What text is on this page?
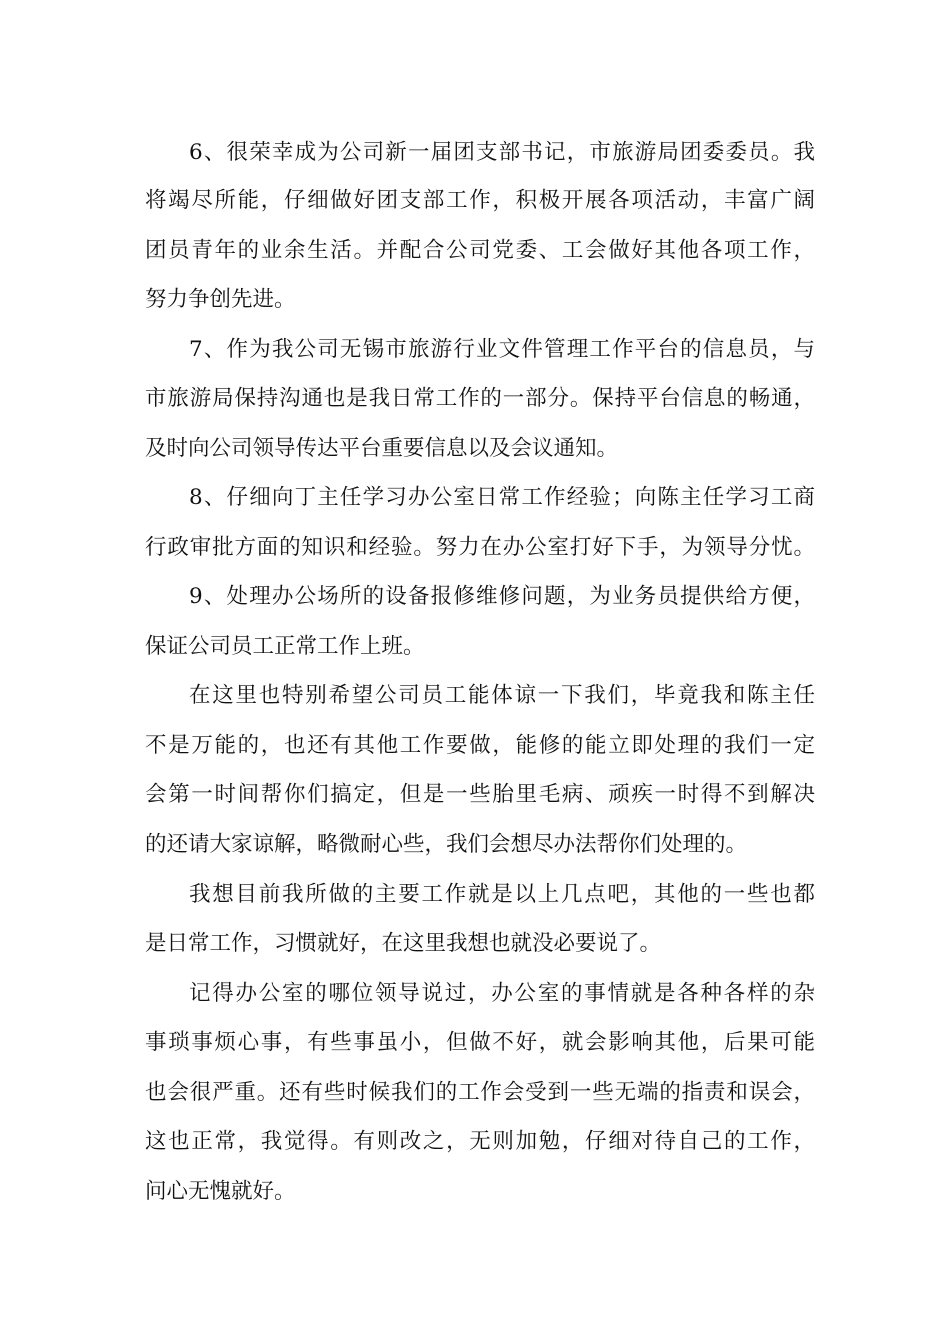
6、很荣幸成为公司新一届团支部书记，市旅游局团委委员。我
将竭尽所能，仔细做好团支部工作，积极开展各项活动，丰富广阔
团员青年的业余生活。并配合公司党委、工会做好其他各项工作，
努力争创先进。
7、作为我公司无锡市旅游行业文件管理工作平台的信息员，与
市旅游局保持沟通也是我日常工作的一部分。保持平台信息的畅通，
及时向公司领导传达平台重要信息以及会议通知。
8、仔细向丁主任学习办公室日常工作经验；向陈主任学习工商
行政审批方面的知识和经验。努力在办公室打好下手，为领导分忧。
9、处理办公场所的设备报修维修问题，为业务员提供给方便，
保证公司员工正常工作上班。
在这里也特别希望公司员工能体谅一下我们，毕竟我和陈主任
不是万能的，也还有其他工作要做，能修的能立即处理的我们一定
会第一时间帮你们搞定，但是一些胎里毛病、顽疾一时得不到解决
的还请大家谅解，略微耐心些，我们会想尽办法帮你们处理的。
我想目前我所做的主要工作就是以上几点吧，其他的一些也都
是日常工作，习惯就好，在这里我想也就没必要说了。
记得办公室的哪位领导说过，办公室的事情就是各种各样的杂
事琐事烦心事，有些事虽小，但做不好，就会影响其他，后果可能
也会很严重。还有些时候我们的工作会受到一些无端的指责和误会，
这也正常，我觉得。有则改之，无则加勉，仔细对待自己的工作，
问心无愧就好。
